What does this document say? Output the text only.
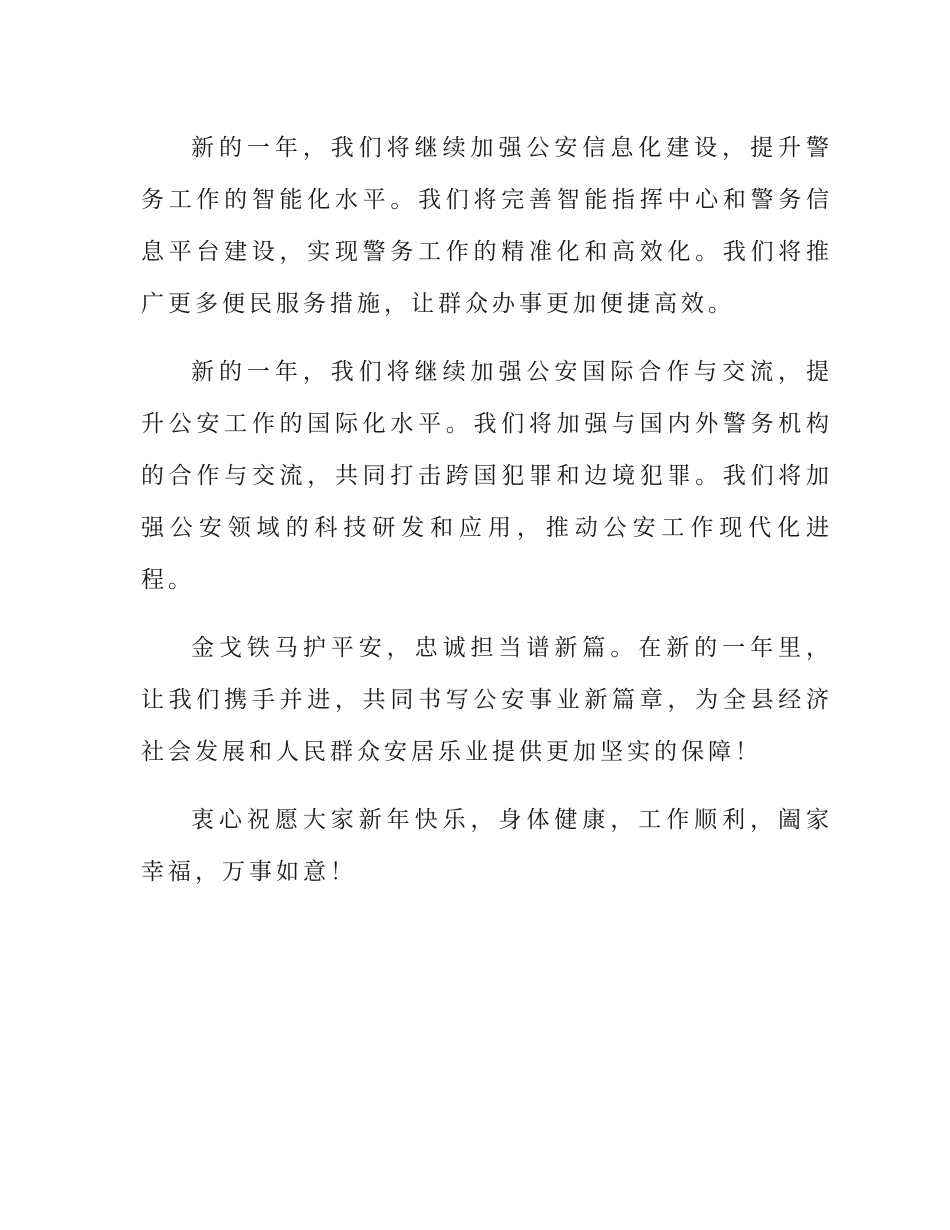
新的一年，我们将继续加强公安信息化建设，提升警务工作的智能化水平。我们将完善智能指挥中心和警务信息平台建设，实现警务工作的精准化和高效化。我们将推广更多便民服务措施，让群众办事更加便捷高效。

新的一年，我们将继续加强公安国际合作与交流，提升公安工作的国际化水平。我们将加强与国内外警务机构的合作与交流，共同打击跨国犯罪和边境犯罪。我们将加强公安领域的科技研发和应用，推动公安工作现代化进程。

金戈铁马护平安，忠诚担当谱新篇。在新的一年里，让我们携手并进，共同书写公安事业新篇章，为全县经济社会发展和人民群众安居乐业提供更加坚实的保障！

衷心祝愿大家新年快乐，身体健康，工作顺利，阖家幸福，万事如意！
